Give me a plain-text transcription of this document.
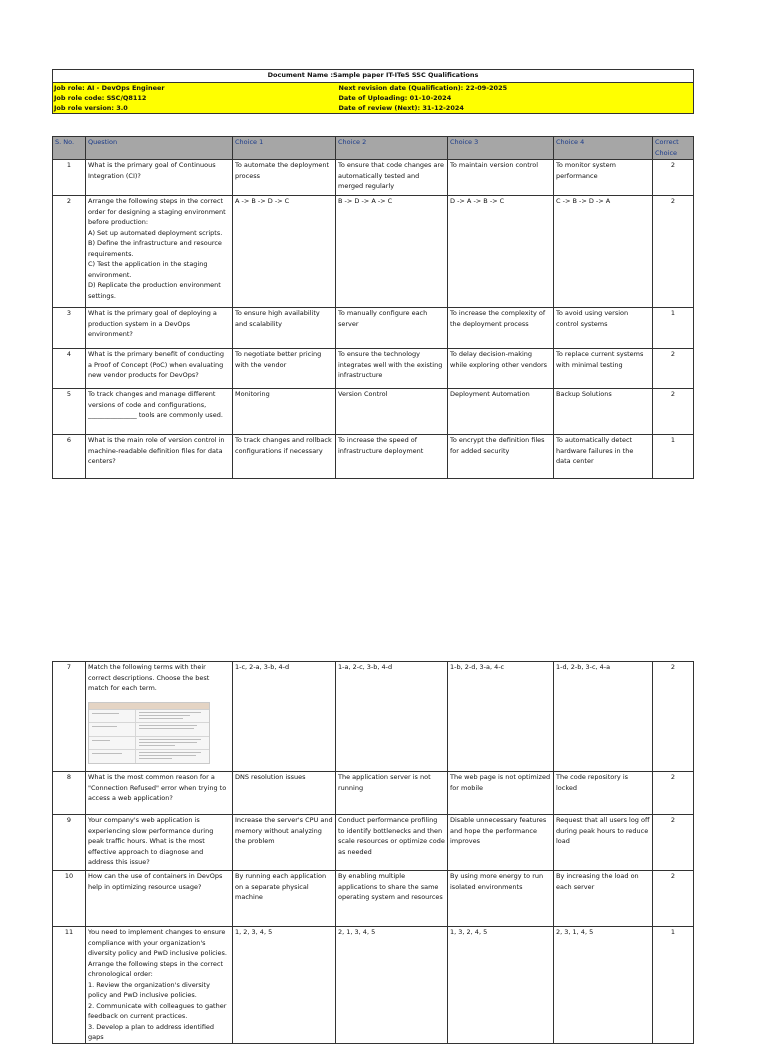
Document Name :Sample paper IT-ITeS SSC Qualifications	
Job role: AI - DevOps Engineer	Next revision date (Qualification): 22-09-2025
Job role code: SSC/Q8112	Date of Uploading: 01-10-2024
Job role version: 3.0	Date of review (Next): 31-12-2024
S. No.	Question	Choice 1	Choice 2	Choice 3	Choice 4	Correct Choice
1	What is the primary goal of Continuous Integration (CI)?	To automate the deployment process	To ensure that code changes are automatically tested and merged regularly	To maintain version control	To monitor system performance	2
2	Arrange the following steps in the correct order for designing a staging environment before production:
A) Set up automated deployment scripts.
B) Define the infrastructure and resource requirements.
C) Test the application in the staging environment.
D) Replicate the production environment settings.	A -> B -> D -> C	B -> D -> A -> C	D -> A -> B -> C	C -> B -> D -> A	2
3	What is the primary goal of deploying a production system in a DevOps environment?	To ensure high availability and scalability	To manually configure each server	To increase the complexity of the deployment process	To avoid using version control systems	1
4	What is the primary benefit of conducting a Proof of Concept (PoC) when evaluating new vendor products for DevOps?	To negotiate better pricing with the vendor	To ensure the technology integrates well with the existing infrastructure	To delay decision-making while exploring other vendors	To replace current systems with minimal testing	2
5	To track changes and manage different versions of code and configurations, _______________ tools are commonly used.	Monitoring	Version Control	Deployment Automation	Backup Solutions	2
6	What is the main role of version control in machine-readable definition files for data centers?	To track changes and rollback configurations if necessary	To increase the speed of infrastructure deployment	To encrypt the definition files for added security	To automatically detect hardware failures in the data center	1
7	Match the following terms with their correct descriptions. Choose the best match for each term.	1-c, 2-a, 3-b, 4-d	1-a, 2-c, 3-b, 4-d	1-b, 2-d, 3-a, 4-c	1-d, 2-b, 3-c, 4-a	2
8	What is the most common reason for a "Connection Refused" error when trying to access a web application?	DNS resolution issues	The application server is not running	The web page is not optimized for mobile	The code repository is locked	2
9	Your company's web application is experiencing slow performance during peak traffic hours. What is the most effective approach to diagnose and address this issue?	Increase the server's CPU and memory without analyzing the problem	Conduct performance profiling to identify bottlenecks and then scale resources or optimize code as needed	Disable unnecessary features and hope the performance improves	Request that all users log off during peak hours to reduce load	2
10	How can the use of containers in DevOps help in optimizing resource usage?	By running each application on a separate physical machine	By enabling multiple applications to share the same operating system and resources	By using more energy to run isolated environments	By increasing the load on each server	2
11	You need to implement changes to ensure compliance with your organization's diversity policy and PwD inclusive policies. Arrange the following steps in the correct chronological order:
1. Review the organization's diversity policy and PwD inclusive policies.
2. Communicate with colleagues to gather feedback on current practices.
3. Develop a plan to address identified gaps	1, 2, 3, 4, 5	2, 1, 3, 4, 5	1, 3, 2, 4, 5	2, 3, 1, 4, 5	1
